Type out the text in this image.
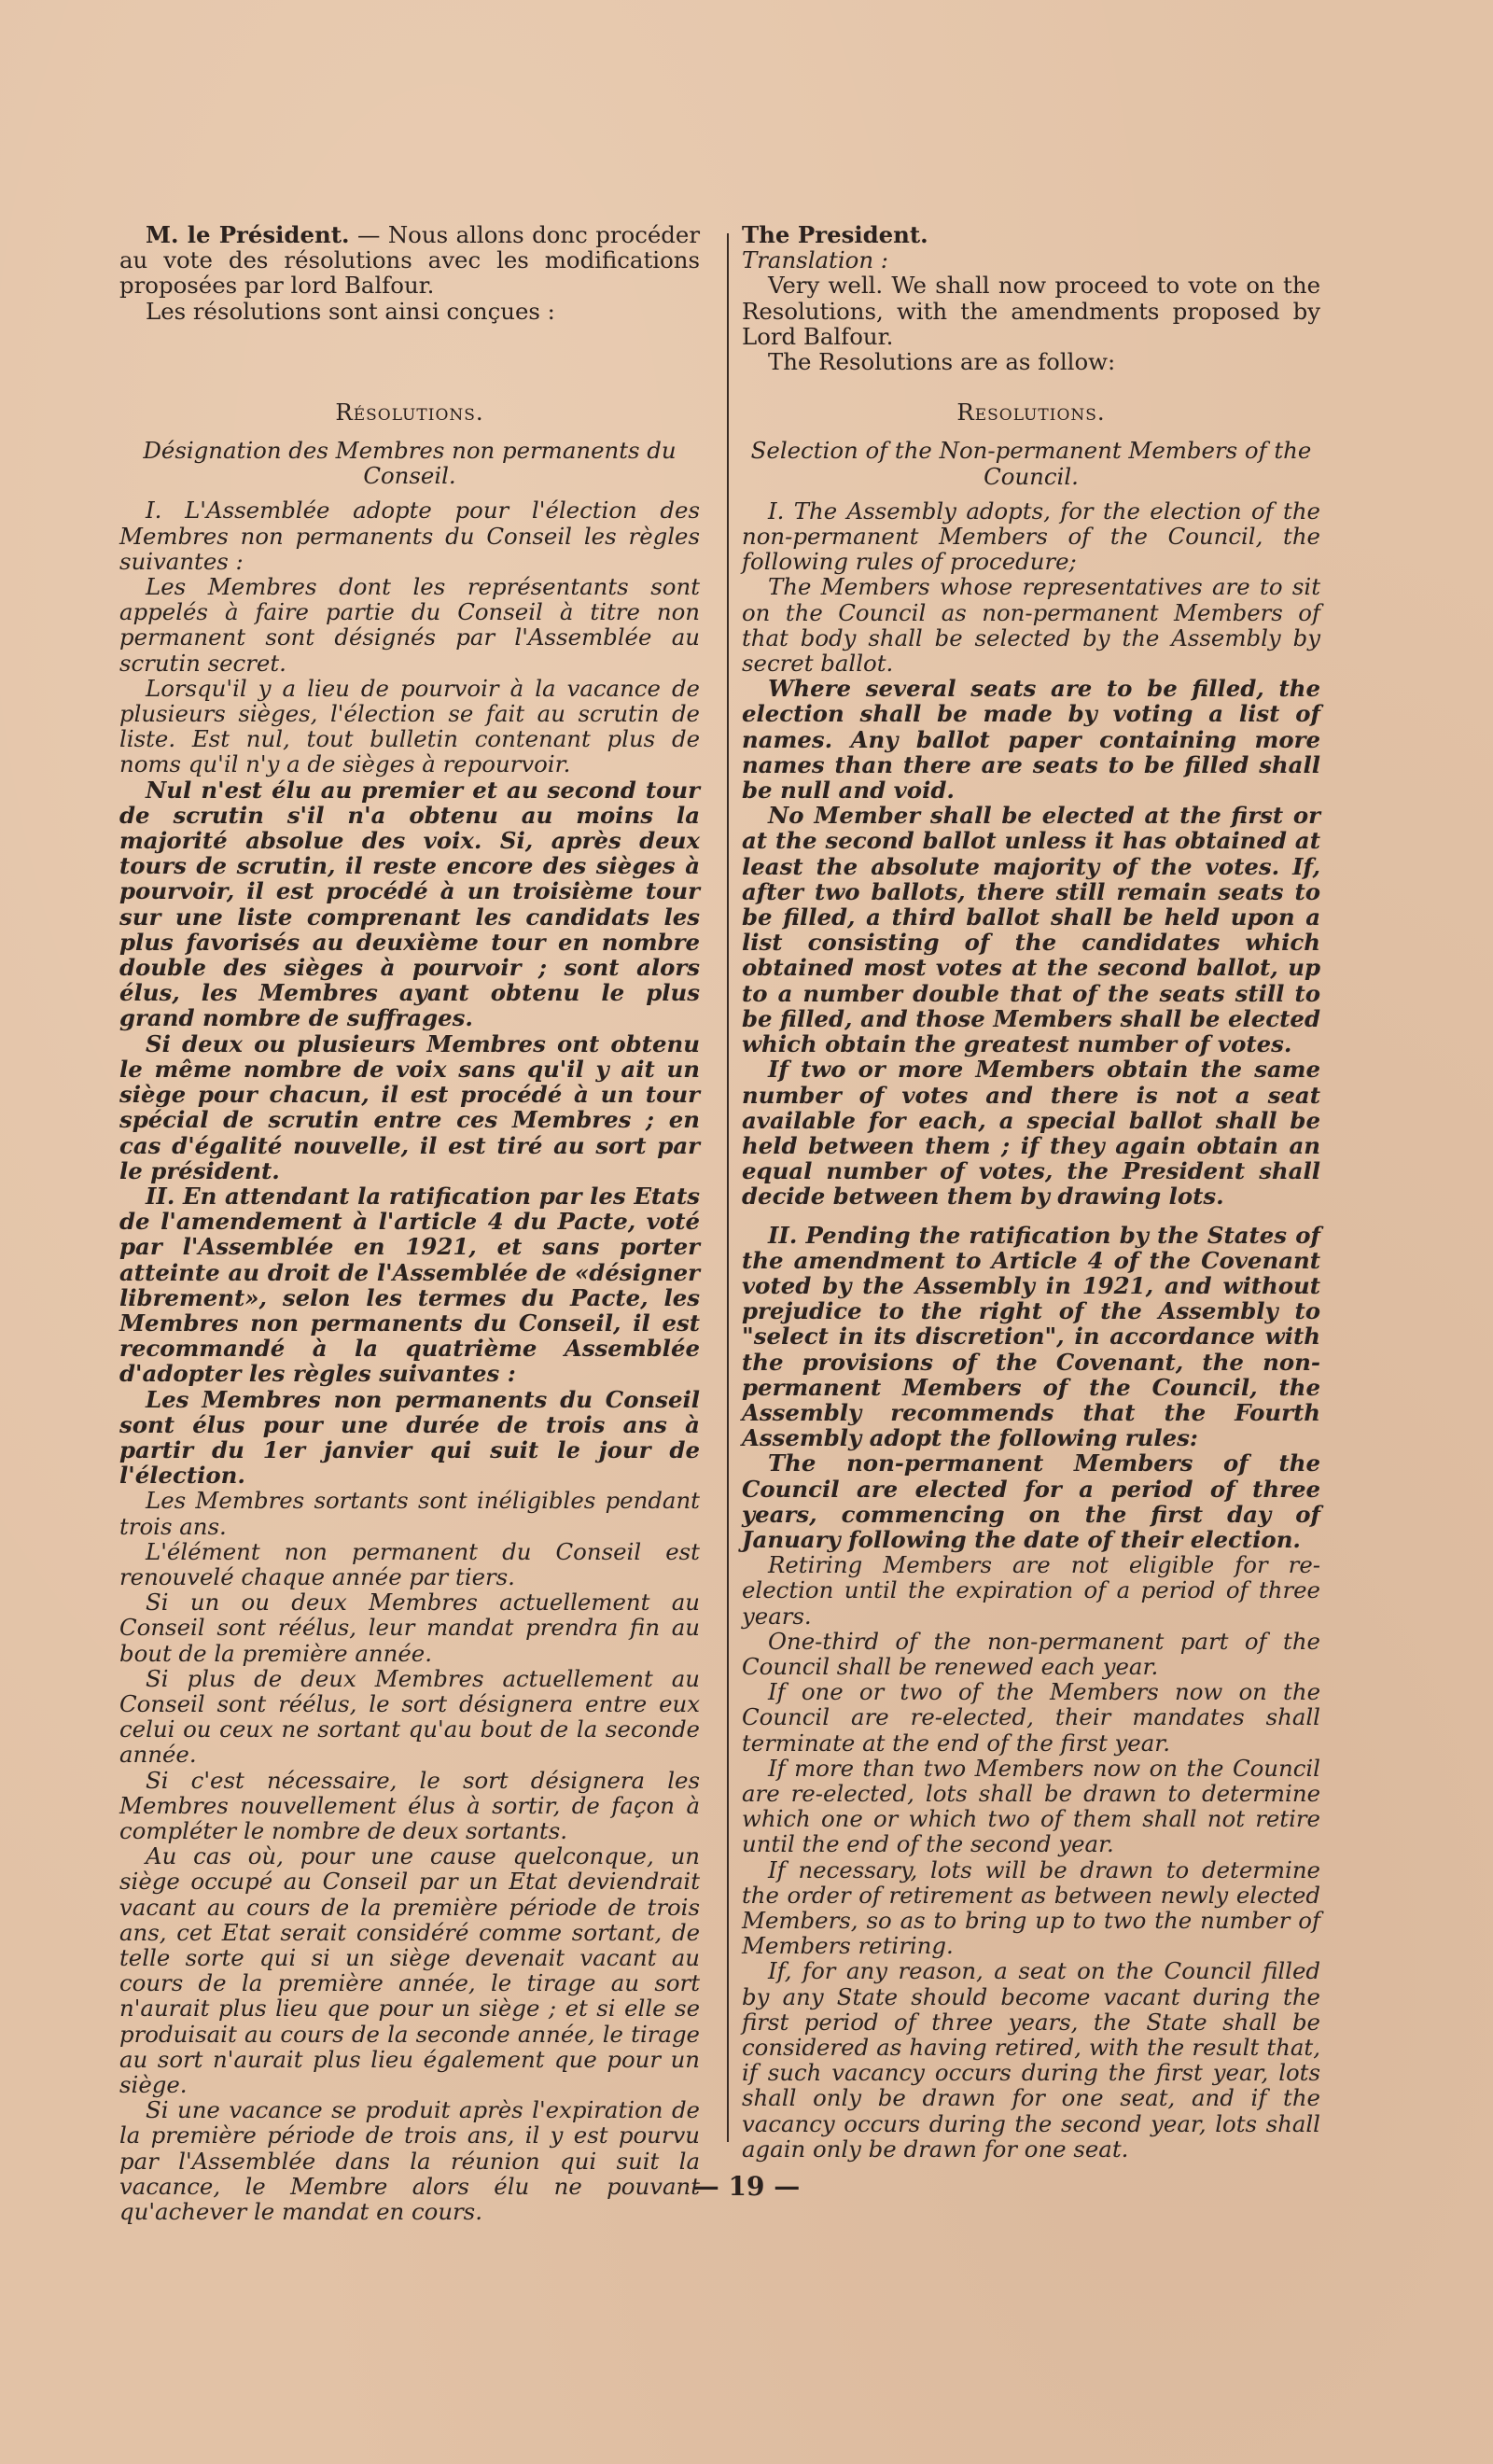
M. le Président. — Nous allons donc procéder au vote des résolutions avec les modifications proposées par lord Balfour.

Les résolutions sont ainsi conçues :

Résolutions.

Désignation des Membres non permanents du Conseil.

I. L'Assemblée adopte pour l'élection des Membres non permanents du Conseil les règles suivantes :

Les Membres dont les représentants sont appelés à faire partie du Conseil à titre non permanent sont désignés par l'Assemblée au scrutin secret.

Lorsqu'il y a lieu de pourvoir à la vacance de plusieurs sièges, l'élection se fait au scrutin de liste. Est nul, tout bulletin contenant plus de noms qu'il n'y a de sièges à repourvoir.

Nul n'est élu au premier et au second tour de scrutin s'il n'a obtenu au moins la majorité absolue des voix. Si, après deux tours de scrutin, il reste encore des sièges à pourvoir, il est procédé à un troisième tour sur une liste comprenant les candidats les plus favorisés au deuxième tour en nombre double des sièges à pourvoir ; sont alors élus, les Membres ayant obtenu le plus grand nombre de suffrages.

Si deux ou plusieurs Membres ont obtenu le même nombre de voix sans qu'il y ait un siège pour chacun, il est procédé à un tour spécial de scrutin entre ces Membres ; en cas d'égalité nouvelle, il est tiré au sort par le président.

II. En attendant la ratification par les Etats de l'amendement à l'article 4 du Pacte, voté par l'Assemblée en 1921, et sans porter atteinte au droit de l'Assemblée de «désigner librement», selon les termes du Pacte, les Membres non permanents du Conseil, il est recommandé à la quatrième Assemblée d'adopter les règles suivantes :

Les Membres non permanents du Conseil sont élus pour une durée de trois ans à partir du 1er janvier qui suit le jour de l'élection.

Les Membres sortants sont inéligibles pendant trois ans.

L'élément non permanent du Conseil est renouvelé chaque année par tiers.

Si un ou deux Membres actuellement au Conseil sont réélus, leur mandat prendra fin au bout de la première année.

Si plus de deux Membres actuellement au Conseil sont réélus, le sort désignera entre eux celui ou ceux ne sortant qu'au bout de la seconde année.

Si c'est nécessaire, le sort désignera les Membres nouvellement élus à sortir, de façon à compléter le nombre de deux sortants.

Au cas où, pour une cause quelconque, un siège occupé au Conseil par un Etat deviendrait vacant au cours de la première période de trois ans, cet Etat serait considéré comme sortant, de telle sorte qui si un siège devenait vacant au cours de la première année, le tirage au sort n'aurait plus lieu que pour un siège ; et si elle se produisait au cours de la seconde année, le tirage au sort n'aurait plus lieu également que pour un siège.

Si une vacance se produit après l'expiration de la première période de trois ans, il y est pourvu par l'Assemblée dans la réunion qui suit la vacance, le Membre alors élu ne pouvant qu'achever le mandat en cours.

The President.

Translation :

Very well. We shall now proceed to vote on the Resolutions, with the amendments proposed by Lord Balfour.

The Resolutions are as follow:

Resolutions.

Selection of the Non-permanent Members of the Council.

I. The Assembly adopts, for the election of the non-permanent Members of the Council, the following rules of procedure;

The Members whose representatives are to sit on the Council as non-permanent Members of that body shall be selected by the Assembly by secret ballot.

Where several seats are to be filled, the election shall be made by voting a list of names. Any ballot paper containing more names than there are seats to be filled shall be null and void.

No Member shall be elected at the first or at the second ballot unless it has obtained at least the absolute majority of the votes. If, after two ballots, there still remain seats to be filled, a third ballot shall be held upon a list consisting of the candidates which obtained most votes at the second ballot, up to a number double that of the seats still to be filled, and those Members shall be elected which obtain the greatest number of votes.

If two or more Members obtain the same number of votes and there is not a seat available for each, a special ballot shall be held between them ; if they again obtain an equal number of votes, the President shall decide between them by drawing lots.

II. Pending the ratification by the States of the amendment to Article 4 of the Covenant voted by the Assembly in 1921, and without prejudice to the right of the Assembly to "select in its discretion", in accordance with the provisions of the Covenant, the non-permanent Members of the Council, the Assembly recommends that the Fourth Assembly adopt the following rules:

The non-permanent Members of the Council are elected for a period of three years, commencing on the first day of January following the date of their election.

Retiring Members are not eligible for re-election until the expiration of a period of three years.

One-third of the non-permanent part of the Council shall be renewed each year.

If one or two of the Members now on the Council are re-elected, their mandates shall terminate at the end of the first year.

If more than two Members now on the Council are re-elected, lots shall be drawn to determine which one or which two of them shall not retire until the end of the second year.

If necessary, lots will be drawn to determine the order of retirement as between newly elected Members, so as to bring up to two the number of Members retiring.

If, for any reason, a seat on the Council filled by any State should become vacant during the first period of three years, the State shall be considered as having retired, with the result that, if such vacancy occurs during the first year, lots shall only be drawn for one seat, and if the vacancy occurs during the second year, lots shall again only be drawn for one seat.

— 19 —
